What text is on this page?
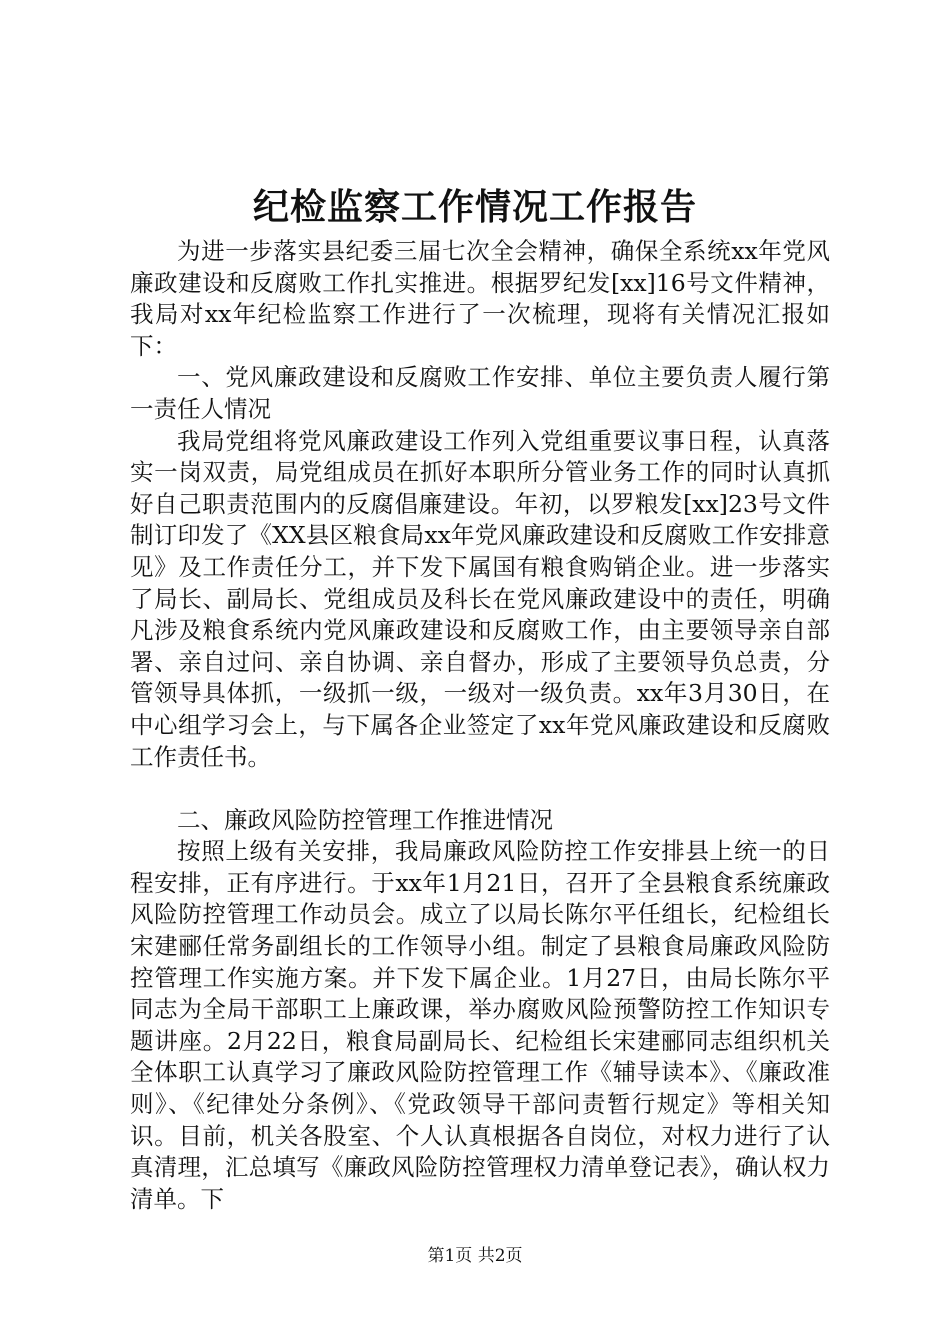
纪检监察工作情况工作报告

为进一步落实县纪委三届七次全会精神，确保全系统xx年党风廉政建设和反腐败工作扎实推进。根据罗纪发[xx]16号文件精神，我局对xx年纪检监察工作进行了一次梳理，现将有关情况汇报如下：

一、党风廉政建设和反腐败工作安排、单位主要负责人履行第一责任人情况

我局党组将党风廉政建设工作列入党组重要议事日程，认真落实一岗双责，局党组成员在抓好本职所分管业务工作的同时认真抓好自己职责范围内的反腐倡廉建设。年初，以罗粮发[xx]23号文件制订印发了《XX县区粮食局xx年党风廉政建设和反腐败工作安排意见》及工作责任分工，并下发下属国有粮食购销企业。进一步落实了局长、副局长、党组成员及科长在党风廉政建设中的责任，明确凡涉及粮食系统内党风廉政建设和反腐败工作，由主要领导亲自部署、亲自过问、亲自协调、亲自督办，形成了主要领导负总责，分管领导具体抓，一级抓一级，一级对一级负责。xx年3月30日，在中心组学习会上，与下属各企业签定了xx年党风廉政建设和反腐败工作责任书。

二、廉政风险防控管理工作推进情况

按照上级有关安排，我局廉政风险防控工作安排县上统一的日程安排，正有序进行。于xx年1月21日，召开了全县粮食系统廉政风险防控管理工作动员会。成立了以局长陈尔平任组长，纪检组长宋建郦任常务副组长的工作领导小组。制定了县粮食局廉政风险防控管理工作实施方案。并下发下属企业。1月27日，由局长陈尔平同志为全局干部职工上廉政课，举办腐败风险预警防控工作知识专题讲座。2月22日，粮食局副局长、纪检组长宋建郦同志组织机关全体职工认真学习了廉政风险防控管理工作《辅导读本》、《廉政准则》、《纪律处分条例》、《党政领导干部问责暂行规定》等相关知识。目前，机关各股室、个人认真根据各自岗位，对权力进行了认真清理，汇总填写《廉政风险防控管理权力清单登记表》，确认权力清单。下

第1页 共2页
